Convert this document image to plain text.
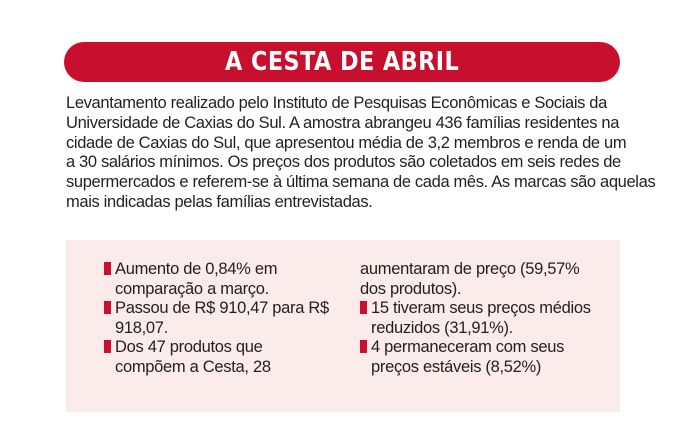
A CESTA DE ABRIL
Levantamento realizado pelo Instituto de Pesquisas Econômicas e Sociais da
Universidade de Caxias do Sul. A amostra abrangeu 436 famílias residentes na
cidade de Caxias do Sul, que apresentou média de 3,2 membros e renda de um
a 30 salários mínimos. Os preços dos produtos são coletados em seis redes de
supermercados e referem-se à última semana de cada mês. As marcas são aquelas
mais indicadas pelas famílias entrevistadas.
Aumento de 0,84% em
comparação a março.
Passou de R$ 910,47 para R$
918,07.
Dos 47 produtos que
compõem a Cesta, 28
aumentaram de preço (59,57%
dos produtos).
15 tiveram seus preços médios
reduzidos (31,91%).
4 permaneceram com seus
preços estáveis (8,52%)
